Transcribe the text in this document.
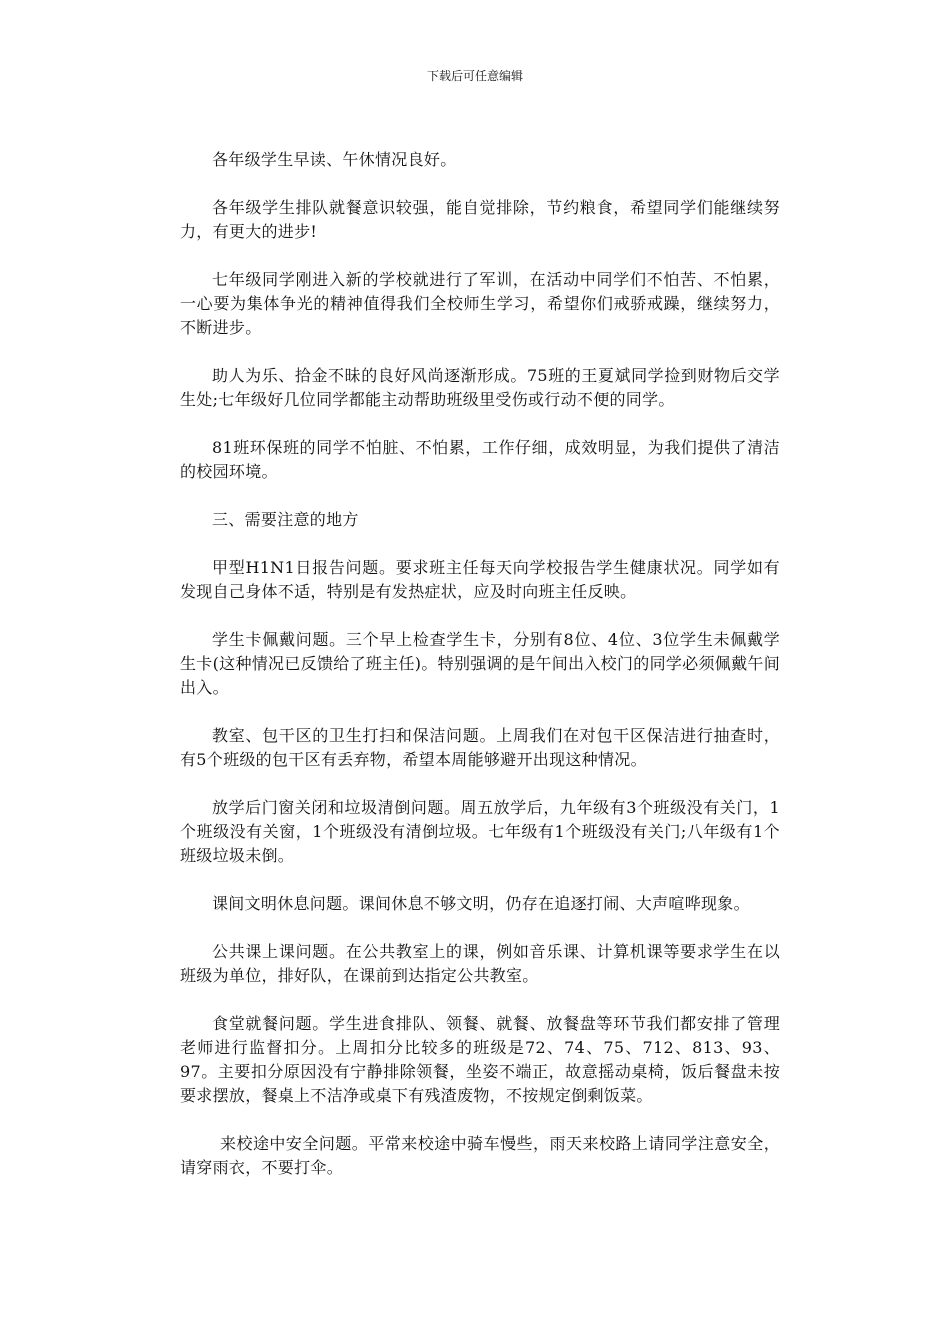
下载后可任意编辑

各年级学生早读、午休情况良好。

各年级学生排队就餐意识较强，能自觉排除，节约粮食，希望同学们能继续努力，有更大的进步!

七年级同学刚进入新的学校就进行了军训，在活动中同学们不怕苦、不怕累，一心要为集体争光的精神值得我们全校师生学习，希望你们戒骄戒躁，继续努力，不断进步。

助人为乐、拾金不昧的良好风尚逐渐形成。75班的王夏斌同学捡到财物后交学生处;七年级好几位同学都能主动帮助班级里受伤或行动不便的同学。

81班环保班的同学不怕脏、不怕累，工作仔细，成效明显，为我们提供了清洁的校园环境。

三、需要注意的地方

甲型H1N1日报告问题。要求班主任每天向学校报告学生健康状况。同学如有发现自己身体不适，特别是有发热症状，应及时向班主任反映。

学生卡佩戴问题。三个早上检查学生卡，分别有8位、4位、3位学生未佩戴学生卡(这种情况已反馈给了班主任)。特别强调的是午间出入校门的同学必须佩戴午间出入。

教室、包干区的卫生打扫和保洁问题。上周我们在对包干区保洁进行抽查时，有5个班级的包干区有丢弃物，希望本周能够避开出现这种情况。

放学后门窗关闭和垃圾清倒问题。周五放学后，九年级有3个班级没有关门，1个班级没有关窗，1个班级没有清倒垃圾。七年级有1个班级没有关门;八年级有1个班级垃圾未倒。

课间文明休息问题。课间休息不够文明，仍存在追逐打闹、大声喧哗现象。

公共课上课问题。在公共教室上的课，例如音乐课、计算机课等要求学生在以班级为单位，排好队，在课前到达指定公共教室。

食堂就餐问题。学生进食排队、领餐、就餐、放餐盘等环节我们都安排了管理老师进行监督扣分。上周扣分比较多的班级是72、74、75、712、813、93、97。主要扣分原因没有宁静排除领餐，坐姿不端正，故意摇动桌椅，饭后餐盘未按要求摆放，餐桌上不洁净或桌下有残渣废物，不按规定倒剩饭菜。

来校途中安全问题。平常来校途中骑车慢些，雨天来校路上请同学注意安全，请穿雨衣，不要打伞。
